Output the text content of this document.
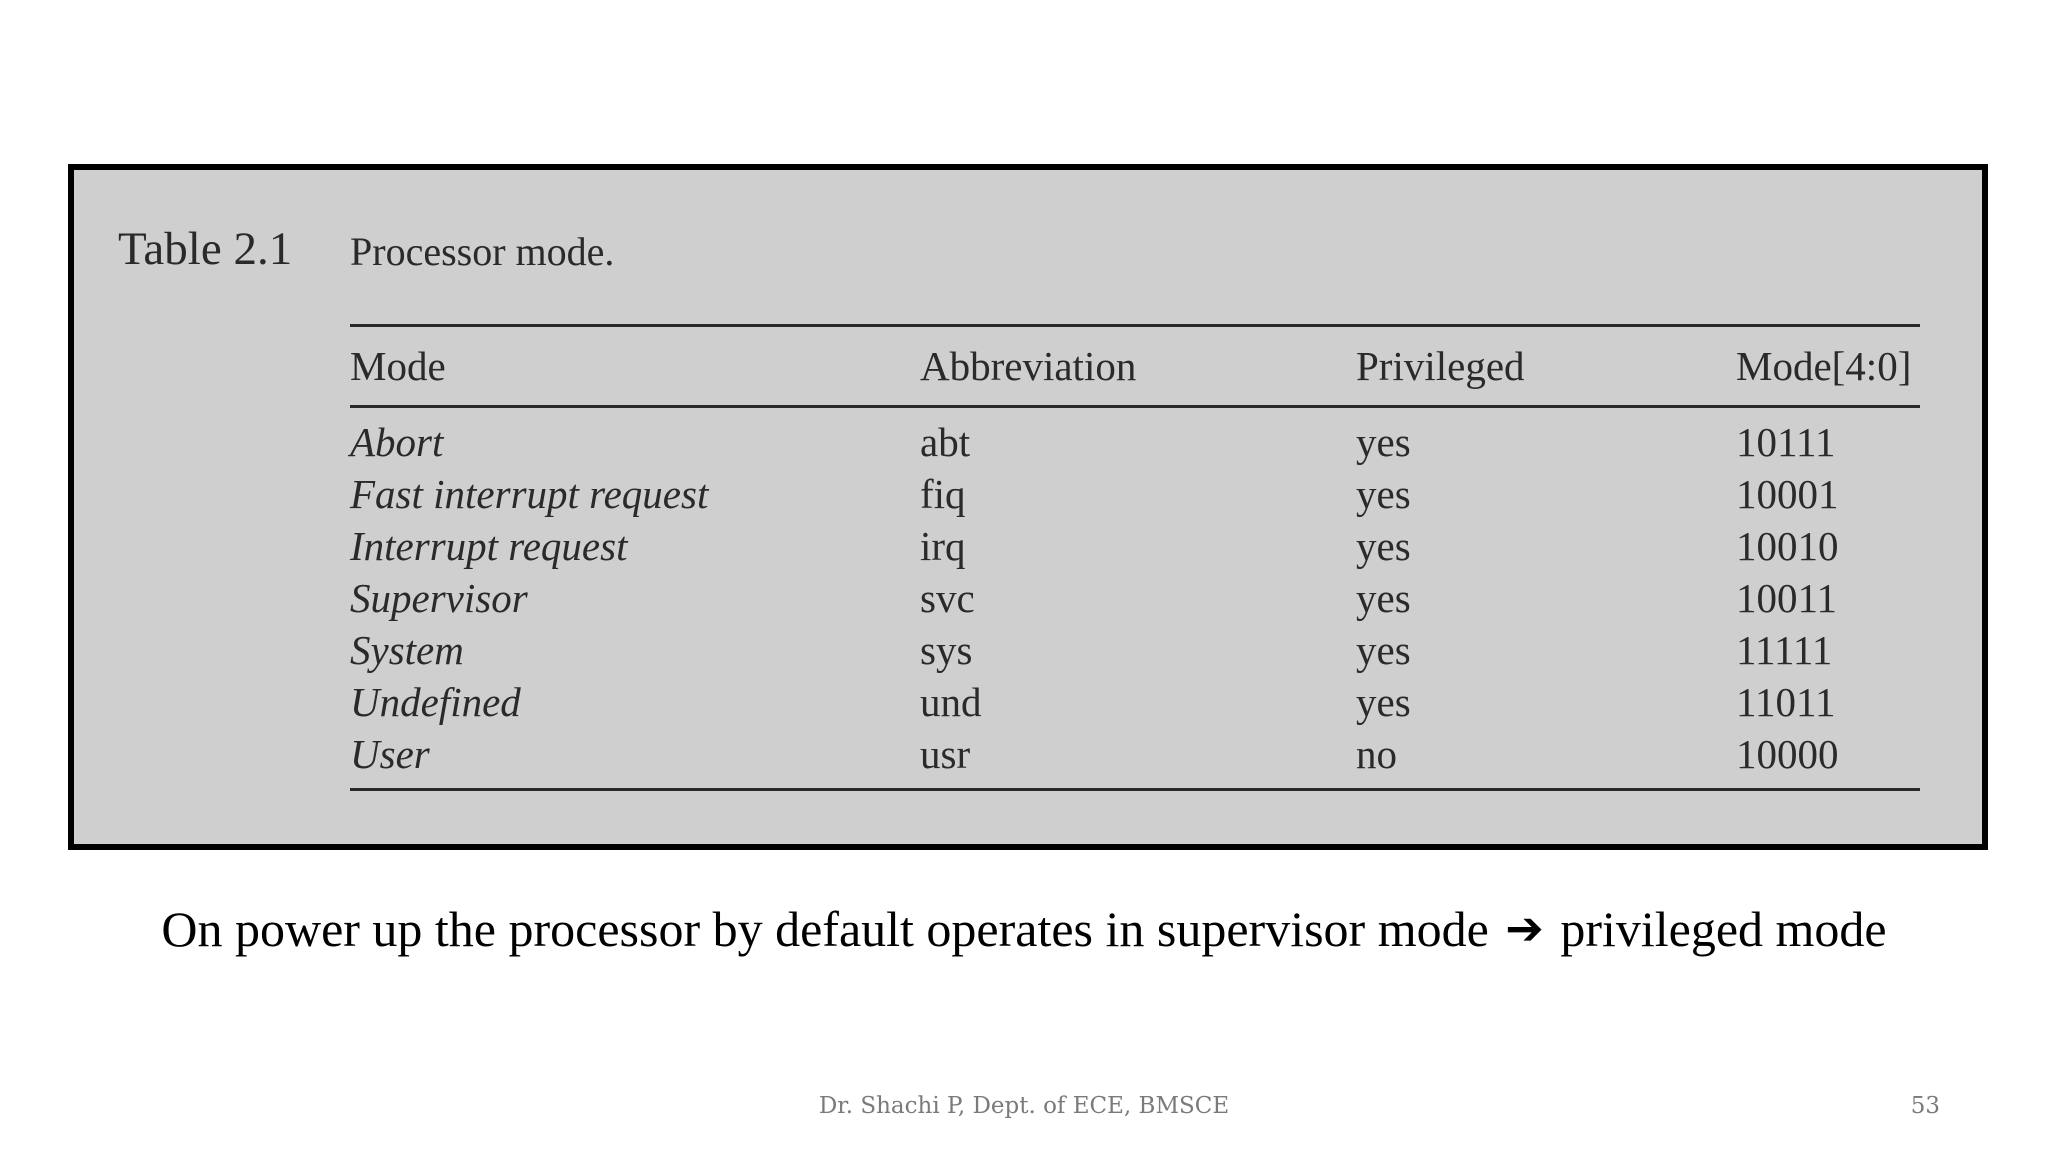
Table 2.1 Processor mode.
Mode	Abbreviation	Privileged	Mode[4:0]
Abort	abt	yes	10111
Fast interrupt request	fiq	yes	10001
Interrupt request	irq	yes	10010
Supervisor	svc	yes	10011
System	sys	yes	11111
Undefined	und	yes	11011
User	usr	no	10000
On power up the processor by default operates in supervisor mode ➔ privileged mode
Dr. Shachi P, Dept. of ECE, BMSCE	53
